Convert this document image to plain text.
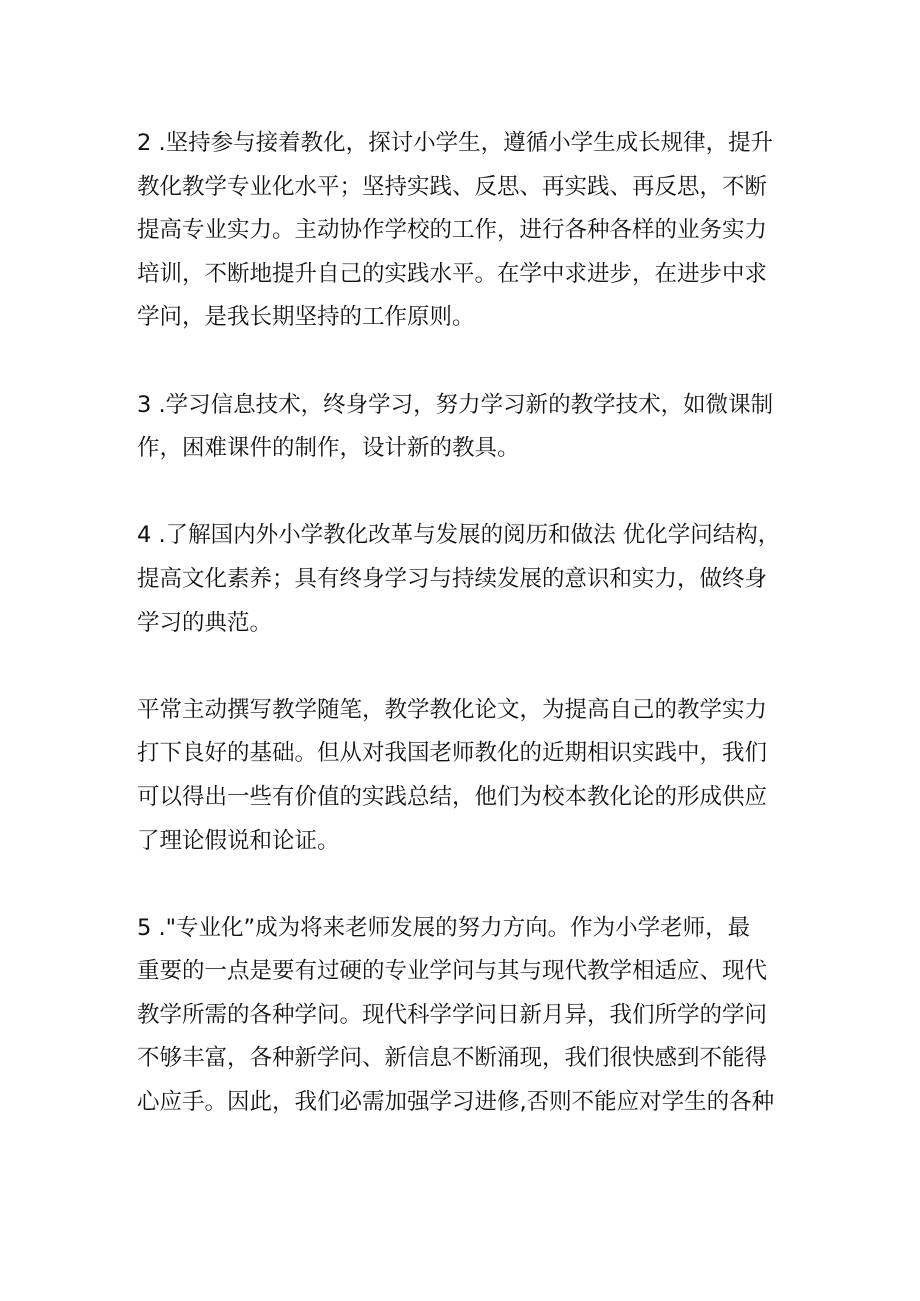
2 .坚持参与接着教化，探讨小学生，遵循小学生成长规律，提升
教化教学专业化水平；坚持实践、反思、再实践、再反思，不断
提高专业实力。主动协作学校的工作，进行各种各样的业务实力
培训，不断地提升自己的实践水平。在学中求进步，在进步中求
学问，是我长期坚持的工作原则。

3 .学习信息技术，终身学习，努力学习新的教学技术，如微课制
作，困难课件的制作，设计新的教具。

4 .了解国内外小学教化改革与发展的阅历和做法 优化学问结构，
提高文化素养；具有终身学习与持续发展的意识和实力，做终身
学习的典范。

平常主动撰写教学随笔，教学教化论文，为提高自己的教学实力
打下良好的基础。但从对我国老师教化的近期相识实践中，我们
可以得出一些有价值的实践总结，他们为校本教化论的形成供应
了理论假说和论证。

5 ."专业化”成为将来老师发展的努力方向。作为小学老师，最
重要的一点是要有过硬的专业学问与其与现代教学相适应、现代
教学所需的各种学问。现代科学学问日新月异，我们所学的学问
不够丰富，各种新学问、新信息不断涌现，我们很快感到不能得
心应手。因此，我们必需加强学习进修,否则不能应对学生的各种
